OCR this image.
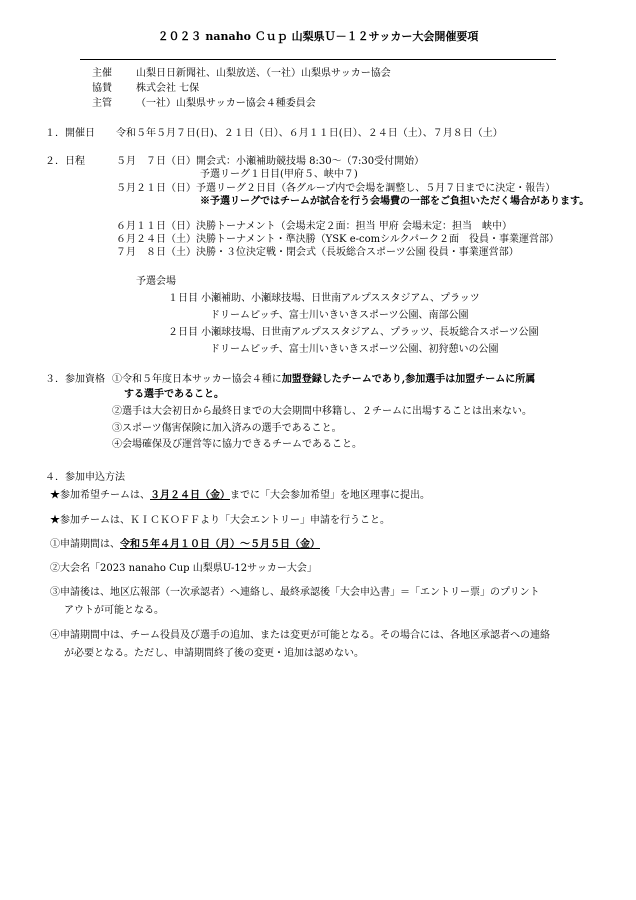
２０２３ nanaho Ｃｕｐ 山梨県Ｕ－１２サッカー大会開催要項
主催 山梨日日新聞社、山梨放送、（一社）山梨県サッカー協会
協賛 株式会社 七保
主管 （一社）山梨県サッカー協会４種委員会
１．開催日 令和５年５月７日(日)、２１日（日）、６月１１日(日）、２４日（土）、７月８日（土）
２．日程	５月　７日（日）開会式：小瀬補助競技場 8:30～（7:30受付開始）
予選リーグ１日目(甲府５、峡中７)
５月２１日（日）予選リーグ２日目（各グループ内で会場を調整し、５月７日までに決定・報告）
※予選リーグではチームが試合を行う会場費の一部をご負担いただく場合があります。
６月１１日（日）決勝トーナメント（会場未定２面：担当 甲府 会場未定：担当　峡中）
６月２４日（土）決勝トーナメント・準決勝（YSK e-comシルクパーク２面　役員・事業運営部）
７月　８日（土）決勝・３位決定戦・閉会式（長坂総合スポーツ公園 役員・事業運営部）
予選会場
１日目 小瀬補助、小瀬球技場、日世南アルプススタジアム、プラッツ
ドリームピッチ、富士川いきいきスポーツ公園、南部公園
２日目 小瀬球技場、日世南アルプススタジアム、プラッツ、長坂総合スポーツ公園
ドリームピッチ、富士川いきいきスポーツ公園、初狩憩いの公園
３．参加資格 ①令和５年度日本サッカー協会４種に加盟登録したチームであり,参加選手は加盟チームに所属
する選手であること。
②選手は大会初日から最終日までの大会期間中移籍し、２チームに出場することは出来ない。
③スポーツ傷害保険に加入済みの選手であること。
④会場確保及び運営等に協力できるチームであること。
４．参加申込方法
★参加希望チームは、３月２４日（金）までに「大会参加希望」を地区理事に提出。
★参加チームは、ＫＩＣＫＯＦＦより「大会エントリー」申請を行うこと。
①申請期間は、令和５年４月１０日（月）～５月５日（金）
②大会名「2023 nanaho Cup 山梨県U-12サッカー大会」
③申請後は、地区広報部（一次承認者）へ連絡し、最終承認後「大会申込書」＝「エントリー票」のプリント
アウトが可能となる。
④申請期間中は、チーム役員及び選手の追加、または変更が可能となる。その場合には、各地区承認者への連絡
が必要となる。ただし、申請期間終了後の変更・追加は認めない。
